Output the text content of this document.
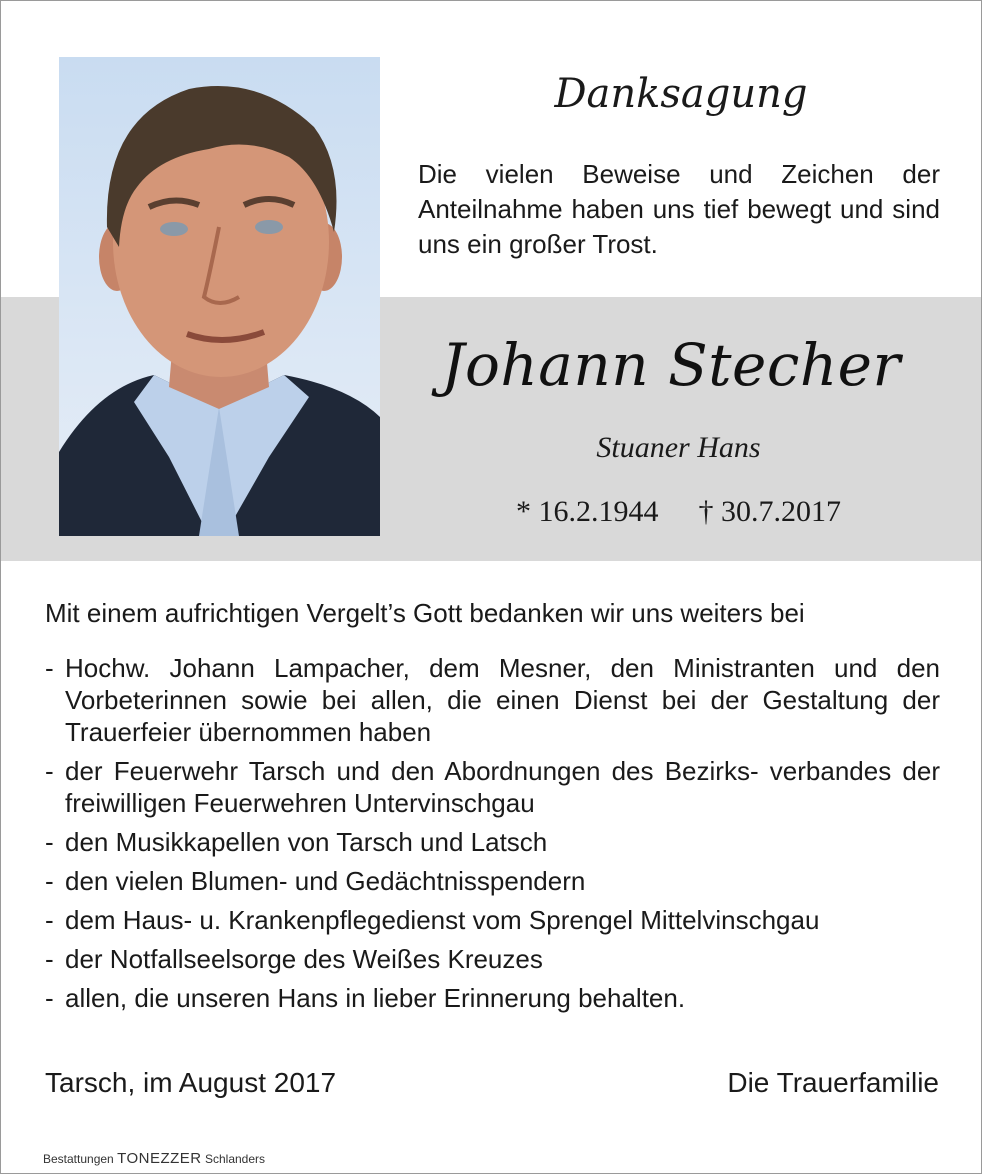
Danksagung
Die vielen Beweise und Zeichen der Anteilnahme haben uns tief bewegt und sind uns ein großer Trost.
Johann Stecher
Stuaner Hans
* 16.2.1944 † 30.7.2017
Mit einem aufrichtigen Vergelt’s Gott bedanken wir uns weiters bei
- Hochw. Johann Lampacher, dem Mesner, den Ministranten und den Vorbeterinnen sowie bei allen, die einen Dienst bei der Gestaltung der Trauerfeier übernommen haben
- der Feuerwehr Tarsch und den Abordnungen des Bezirks- verbandes der freiwilligen Feuerwehren Untervinschgau
- den Musikkapellen von Tarsch und Latsch
- den vielen Blumen- und Gedächtnisspendern
- dem Haus- u. Krankenpflegedienst vom Sprengel Mittelvinschgau
- der Notfallseelsorge des Weißes Kreuzes
- allen, die unseren Hans in lieber Erinnerung behalten.
Tarsch, im August 2017	Die Trauerfamilie
Bestattungen TONEZZER Schlanders
